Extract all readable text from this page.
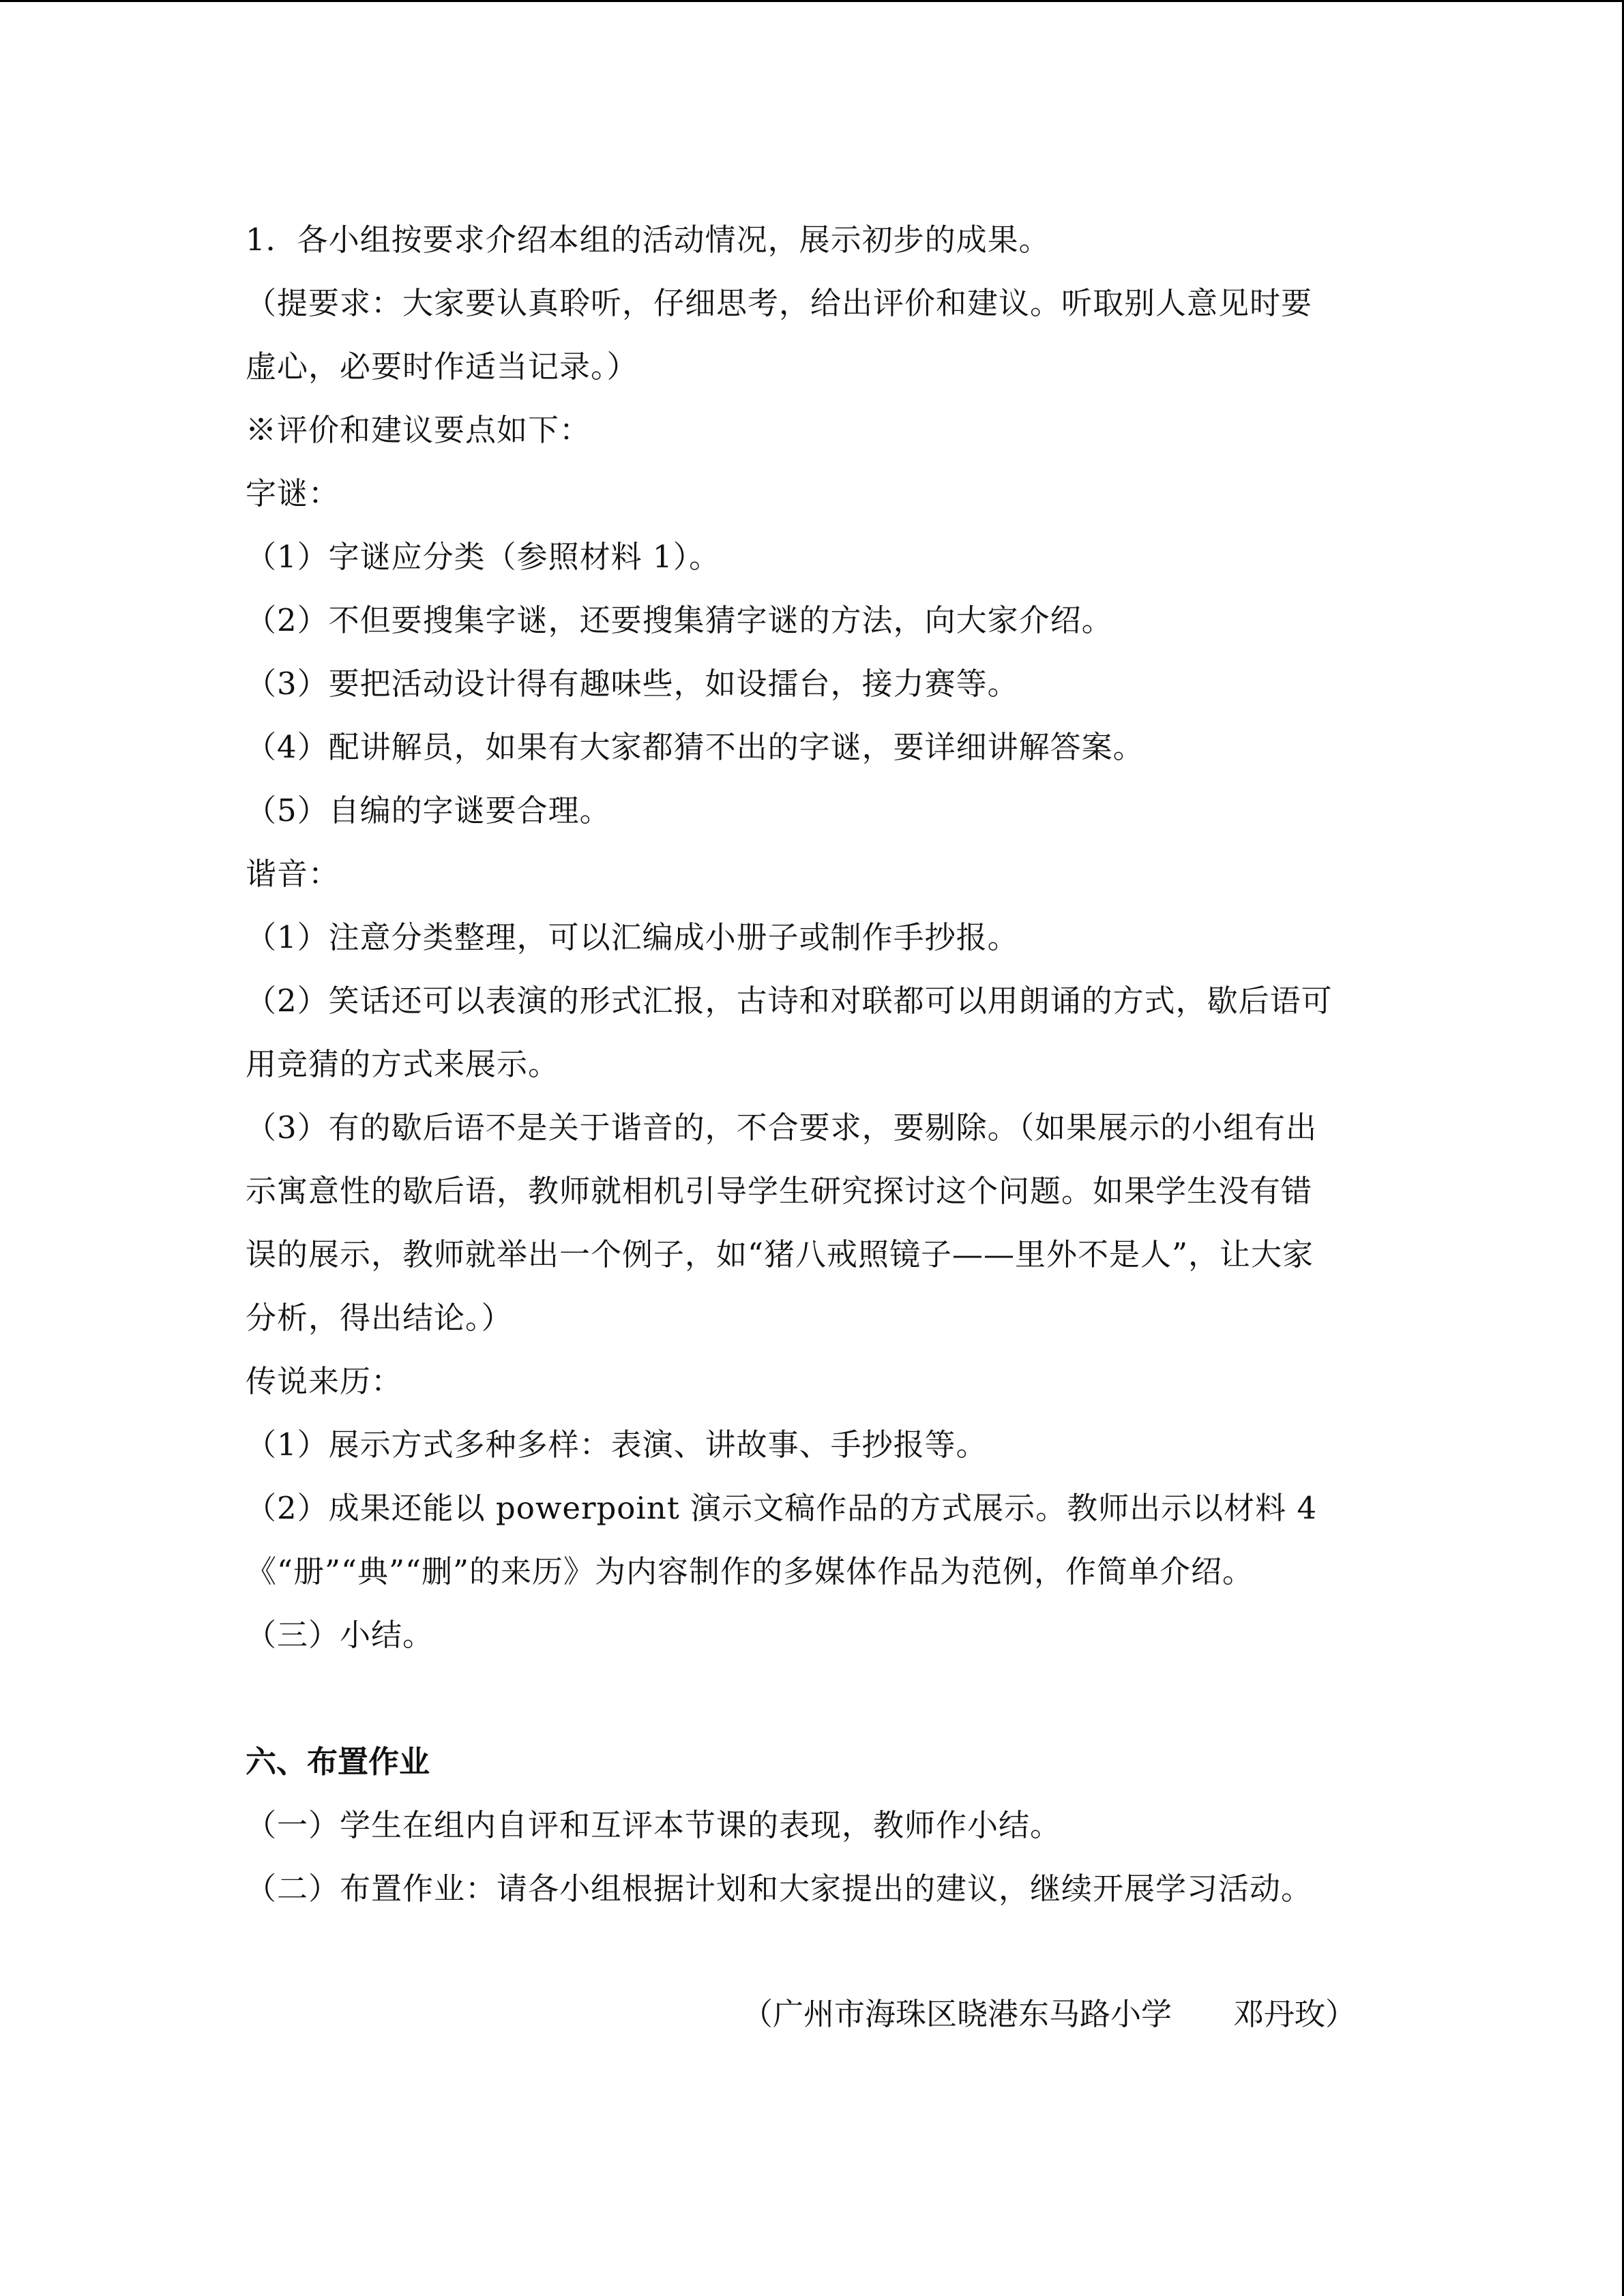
1．各小组按要求介绍本组的活动情况，展示初步的成果。
（提要求：大家要认真聆听，仔细思考，给出评价和建议。听取别人意见时要
虚心，必要时作适当记录。）
※评价和建议要点如下：
字谜：
（1）字谜应分类（参照材料 1）。
（2）不但要搜集字谜，还要搜集猜字谜的方法，向大家介绍。
（3）要把活动设计得有趣味些，如设擂台，接力赛等。
（4）配讲解员，如果有大家都猜不出的字谜，要详细讲解答案。
（5）自编的字谜要合理。
谐音：
（1）注意分类整理，可以汇编成小册子或制作手抄报。
（2）笑话还可以表演的形式汇报，古诗和对联都可以用朗诵的方式，歇后语可
用竞猜的方式来展示。
（3）有的歇后语不是关于谐音的，不合要求，要剔除。（如果展示的小组有出
示寓意性的歇后语，教师就相机引导学生研究探讨这个问题。如果学生没有错
误的展示，教师就举出一个例子，如“猪八戒照镜子——里外不是人”，让大家
分析，得出结论。）
传说来历：
（1）展示方式多种多样：表演、讲故事、手抄报等。
（2）成果还能以 powerpoint 演示文稿作品的方式展示。教师出示以材料 4
《“册”“典”“删”的来历》为内容制作的多媒体作品为范例，作简单介绍。
（三）小结。
六、布置作业
（一）学生在组内自评和互评本节课的表现，教师作小结。
（二）布置作业：请各小组根据计划和大家提出的建议，继续开展学习活动。
（广州市海珠区晓港东马路小学　　邓丹玫）
